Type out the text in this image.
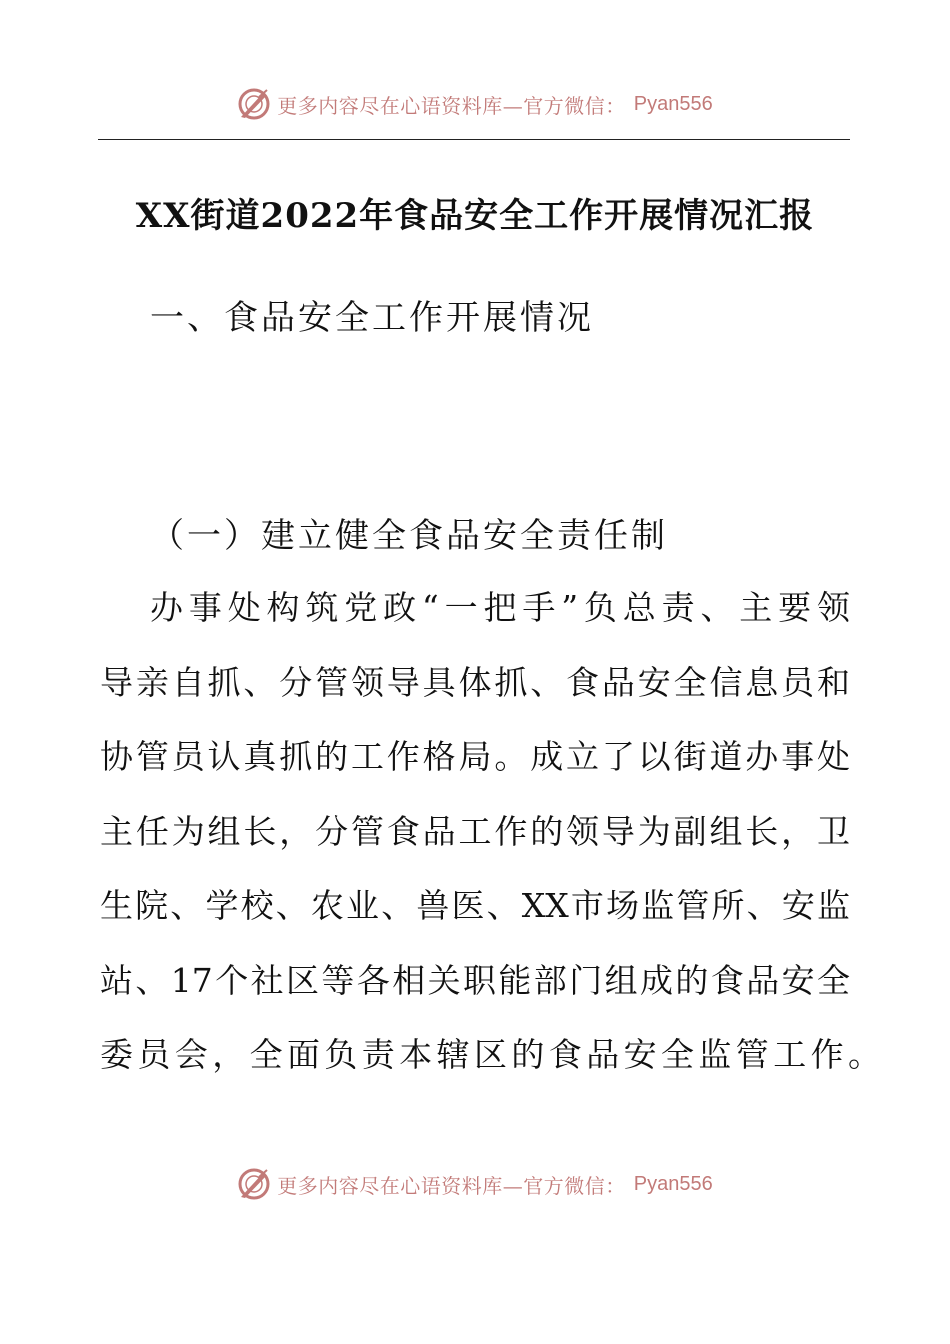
更多内容尽在心语资料库—官方微信： Pyan556
XX街道2022年食品安全工作开展情况汇报
一、食品安全工作开展情况
（一）建立健全食品安全责任制
办事处构筑党政“一把手”负总责、主要领
导亲自抓、分管领导具体抓、食品安全信息员和
协管员认真抓的工作格局。成立了以街道办事处
主任为组长，分管食品工作的领导为副组长，卫
生院、学校、农业、兽医、XX市场监管所、安监
站、17个社区等各相关职能部门组成的食品安全
委员会，全面负责本辖区的食品安全监管工作。
更多内容尽在心语资料库—官方微信： Pyan556
